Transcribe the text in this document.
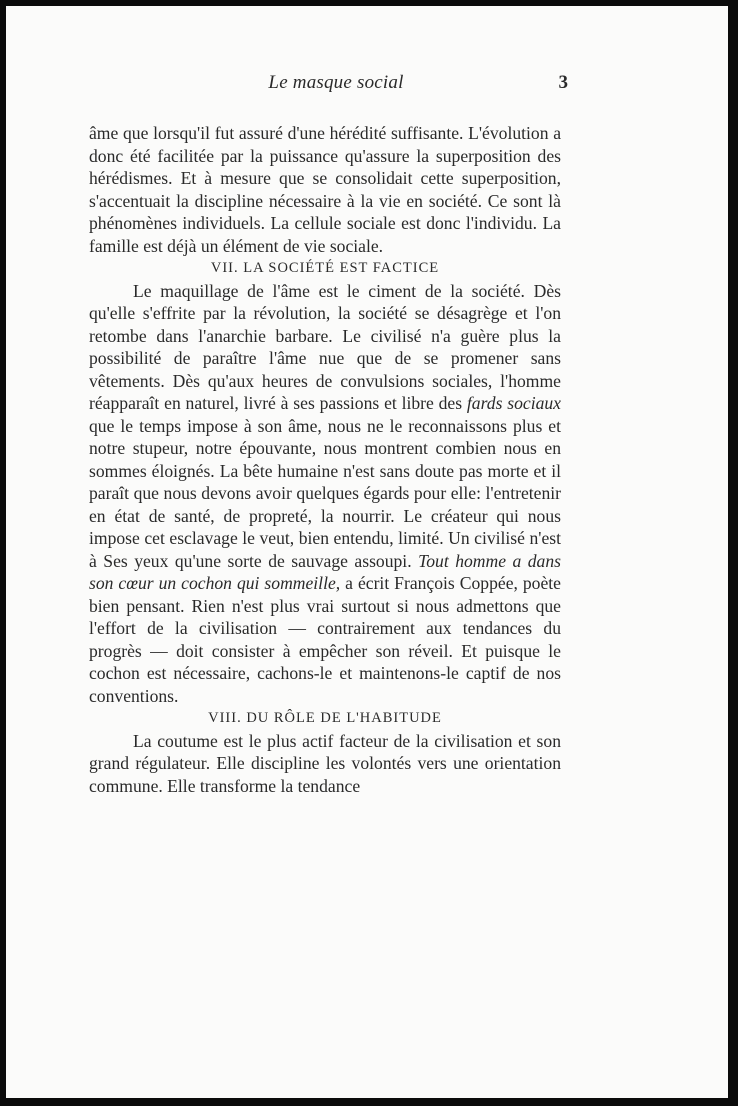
Le masque social	3

âme que lorsqu'il fut assuré d'une hérédité suffisante. L'évolution a donc été facilitée par la puissance qu'assure la superposition des hérédismes. Et à mesure que se consolidait cette superposition, s'accentuait la discipline nécessaire à la vie en société. Ce sont là phénomènes individuels. La cellule sociale est donc l'individu. La famille est déjà un élément de vie sociale.

VII. LA SOCIÉTÉ EST FACTICE

Le maquillage de l'âme est le ciment de la société. Dès qu'elle s'effrite par la révolution, la société se désagrège et l'on retombe dans l'anarchie barbare. Le civilisé n'a guère plus la possibilité de paraître l'âme nue que de se promener sans vêtements. Dès qu'aux heures de convulsions sociales, l'homme réapparaît en naturel, livré à ses passions et libre des fards sociaux que le temps impose à son âme, nous ne le reconnaissons plus et notre stupeur, notre épouvante, nous montrent combien nous en sommes éloignés. La bête humaine n'est sans doute pas morte et il paraît que nous devons avoir quelques égards pour elle: l'entretenir en état de santé, de propreté, la nourrir. Le créateur qui nous impose cet esclavage le veut, bien entendu, limité. Un civilisé n'est à Ses yeux qu'une sorte de sauvage assoupi. Tout homme a dans son cœur un cochon qui sommeille, a écrit François Coppée, poète bien pensant. Rien n'est plus vrai surtout si nous admettons que l'effort de la civilisation — contrairement aux tendances du progrès — doit consister à empêcher son réveil. Et puisque le cochon est nécessaire, cachons-le et maintenons-le captif de nos conventions.

VIII. DU RÔLE DE L'HABITUDE

La coutume est le plus actif facteur de la civilisation et son grand régulateur. Elle discipline les volontés vers une orientation commune. Elle transforme la tendance
